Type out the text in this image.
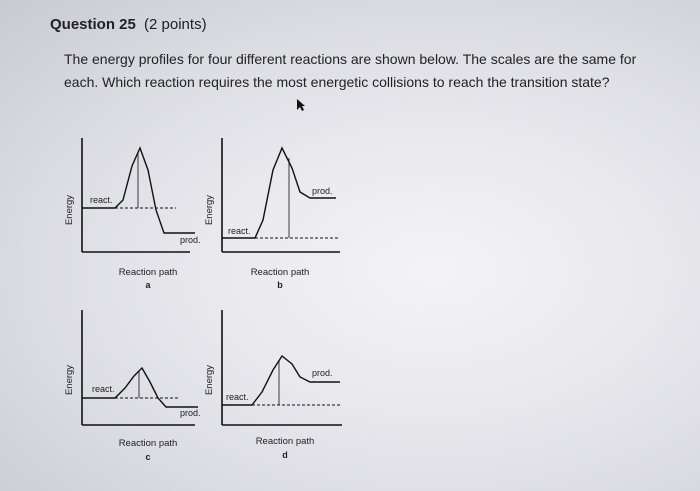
Question 25 (2 points)
The energy profiles for four different reactions are shown below. The scales are the same for each. Which reaction requires the most energetic collisions to reach the transition state?
Energy react.
prod.
Reaction path
a
Energy
react.
prod.
Reaction path
b
Energy react.
prod.
Reaction path
c
Energy
react.
prod.
Reaction path
d
